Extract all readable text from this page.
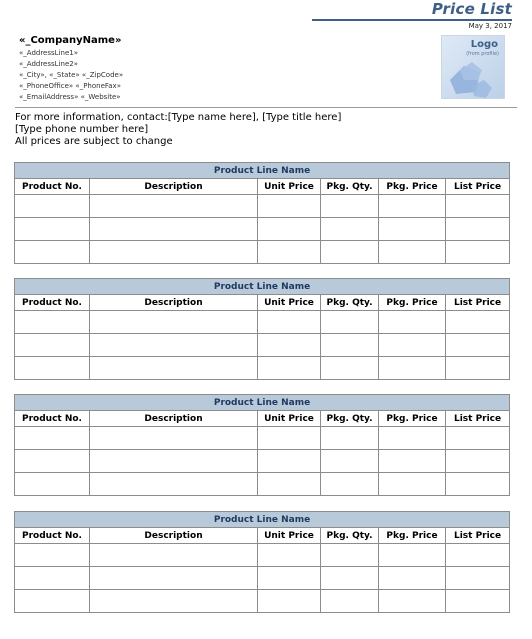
Price List
May 3, 2017
«_CompanyName»
«_AddressLine1»
«_AddressLine2»
«_City», «_State» «_ZipCode»
«_PhoneOffice» «_PhoneFax»
«_EmailAddress» «_Website»
Logo
(from profile)
For more information, contact:[Type name here], [Type title here]
[Type phone number here]
All prices are subject to change
Product Line Name					
Product No.	Description	Unit Price	Pkg. Qty.	Pkg. Price	List Price

Product Line Name					
Product No.	Description	Unit Price	Pkg. Qty.	Pkg. Price	List Price

Product Line Name					
Product No.	Description	Unit Price	Pkg. Qty.	Pkg. Price	List Price

Product Line Name					
Product No.	Description	Unit Price	Pkg. Qty.	Pkg. Price	List Price
